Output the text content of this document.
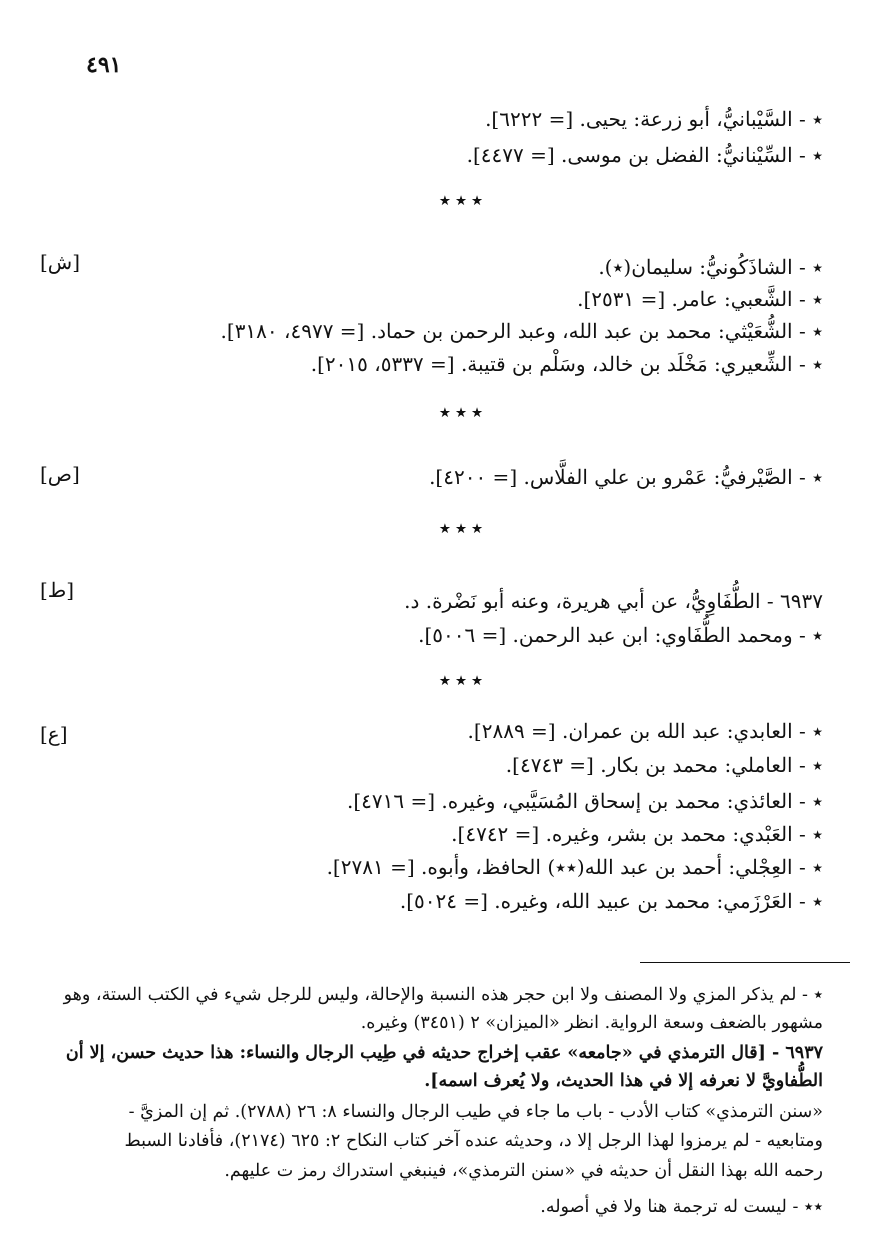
٤٩١
٭ - السَّيْبانيُّ، أبو زرعة: يحيى. [= ٦٢٢٢].
٭ - السِّيْنانيُّ: الفضل بن موسى. [= ٤٤٧٧].
٭ ٭ ٭
[ش]	٭ - الشاذَكُونيُّ: سليمان(٭).
٭ - الشَّعبي: عامر. [= ٢٥٣١].
٭ - الشُّعَيْثي: محمد بن عبد الله، وعبد الرحمن بن حماد. [= ٤٩٧٧، ٣١٨٠].
٭ - الشِّعيري: مَخْلَد بن خالد، وسَلْم بن قتيبة. [= ٥٣٣٧، ٢٠١٥].
٭ ٭ ٭
[ص]	٭ - الصَّيْرفيُّ: عَمْرو بن علي الفلَّاس. [= ٤٢٠٠].
٭ ٭ ٭
[ط]	٦٩٣٧ - الطُّفَاوِيُّ، عن أبي هريرة، وعنه أبو نَضْرة. د.
٭ - ومحمد الطُّفَاوي: ابن عبد الرحمن. [= ٥٠٠٦].
٭ ٭ ٭
[ع]	٭ - العابدي: عبد الله بن عمران. [= ٢٨٨٩].
٭ - العاملي: محمد بن بكار. [= ٤٧٤٣].
٭ - العائذي: محمد بن إسحاق المُسَيَّبي، وغيره. [= ٤٧١٦].
٭ - العَبْدي: محمد بن بشر، وغيره. [= ٤٧٤٢].
٭ - العِجْلي: أحمد بن عبد الله(٭٭) الحافظ، وأبوه. [= ٢٧٨١].
٭ - العَرْزَمي: محمد بن عبيد الله، وغيره. [= ٥٠٢٤].
٭ - لم يذكر المزي ولا المصنف ولا ابن حجر هذه النسبة والإحالة، وليس للرجل شيء في الكتب الستة، وهو
مشهور بالضعف وسعة الرواية. انظر «الميزان» ٢ (٣٤٥١) وغيره.
٦٩٣٧ - [قال الترمذي في «جامعه» عقب إخراج حديثه في طِيب الرجال والنساء: هذا حديث حسن، إلا أن
الطُّفاويَّ لا نعرفه إلا في هذا الحديث، ولا يُعرف اسمه].
«سنن الترمذي» كتاب الأدب - باب ما جاء في طيب الرجال والنساء ٨: ٢٦ (٢٧٨٨). ثم إن المزيَّ -
ومتابعيه - لم يرمزوا لهذا الرجل إلا د، وحديثه عنده آخر كتاب النكاح ٢: ٦٢٥ (٢١٧٤)، فأفادنا السبط
رحمه الله بهذا النقل أن حديثه في «سنن الترمذي»، فينبغي استدراك رمز ت عليهم.
٭٭ - ليست له ترجمة هنا ولا في أصوله.
